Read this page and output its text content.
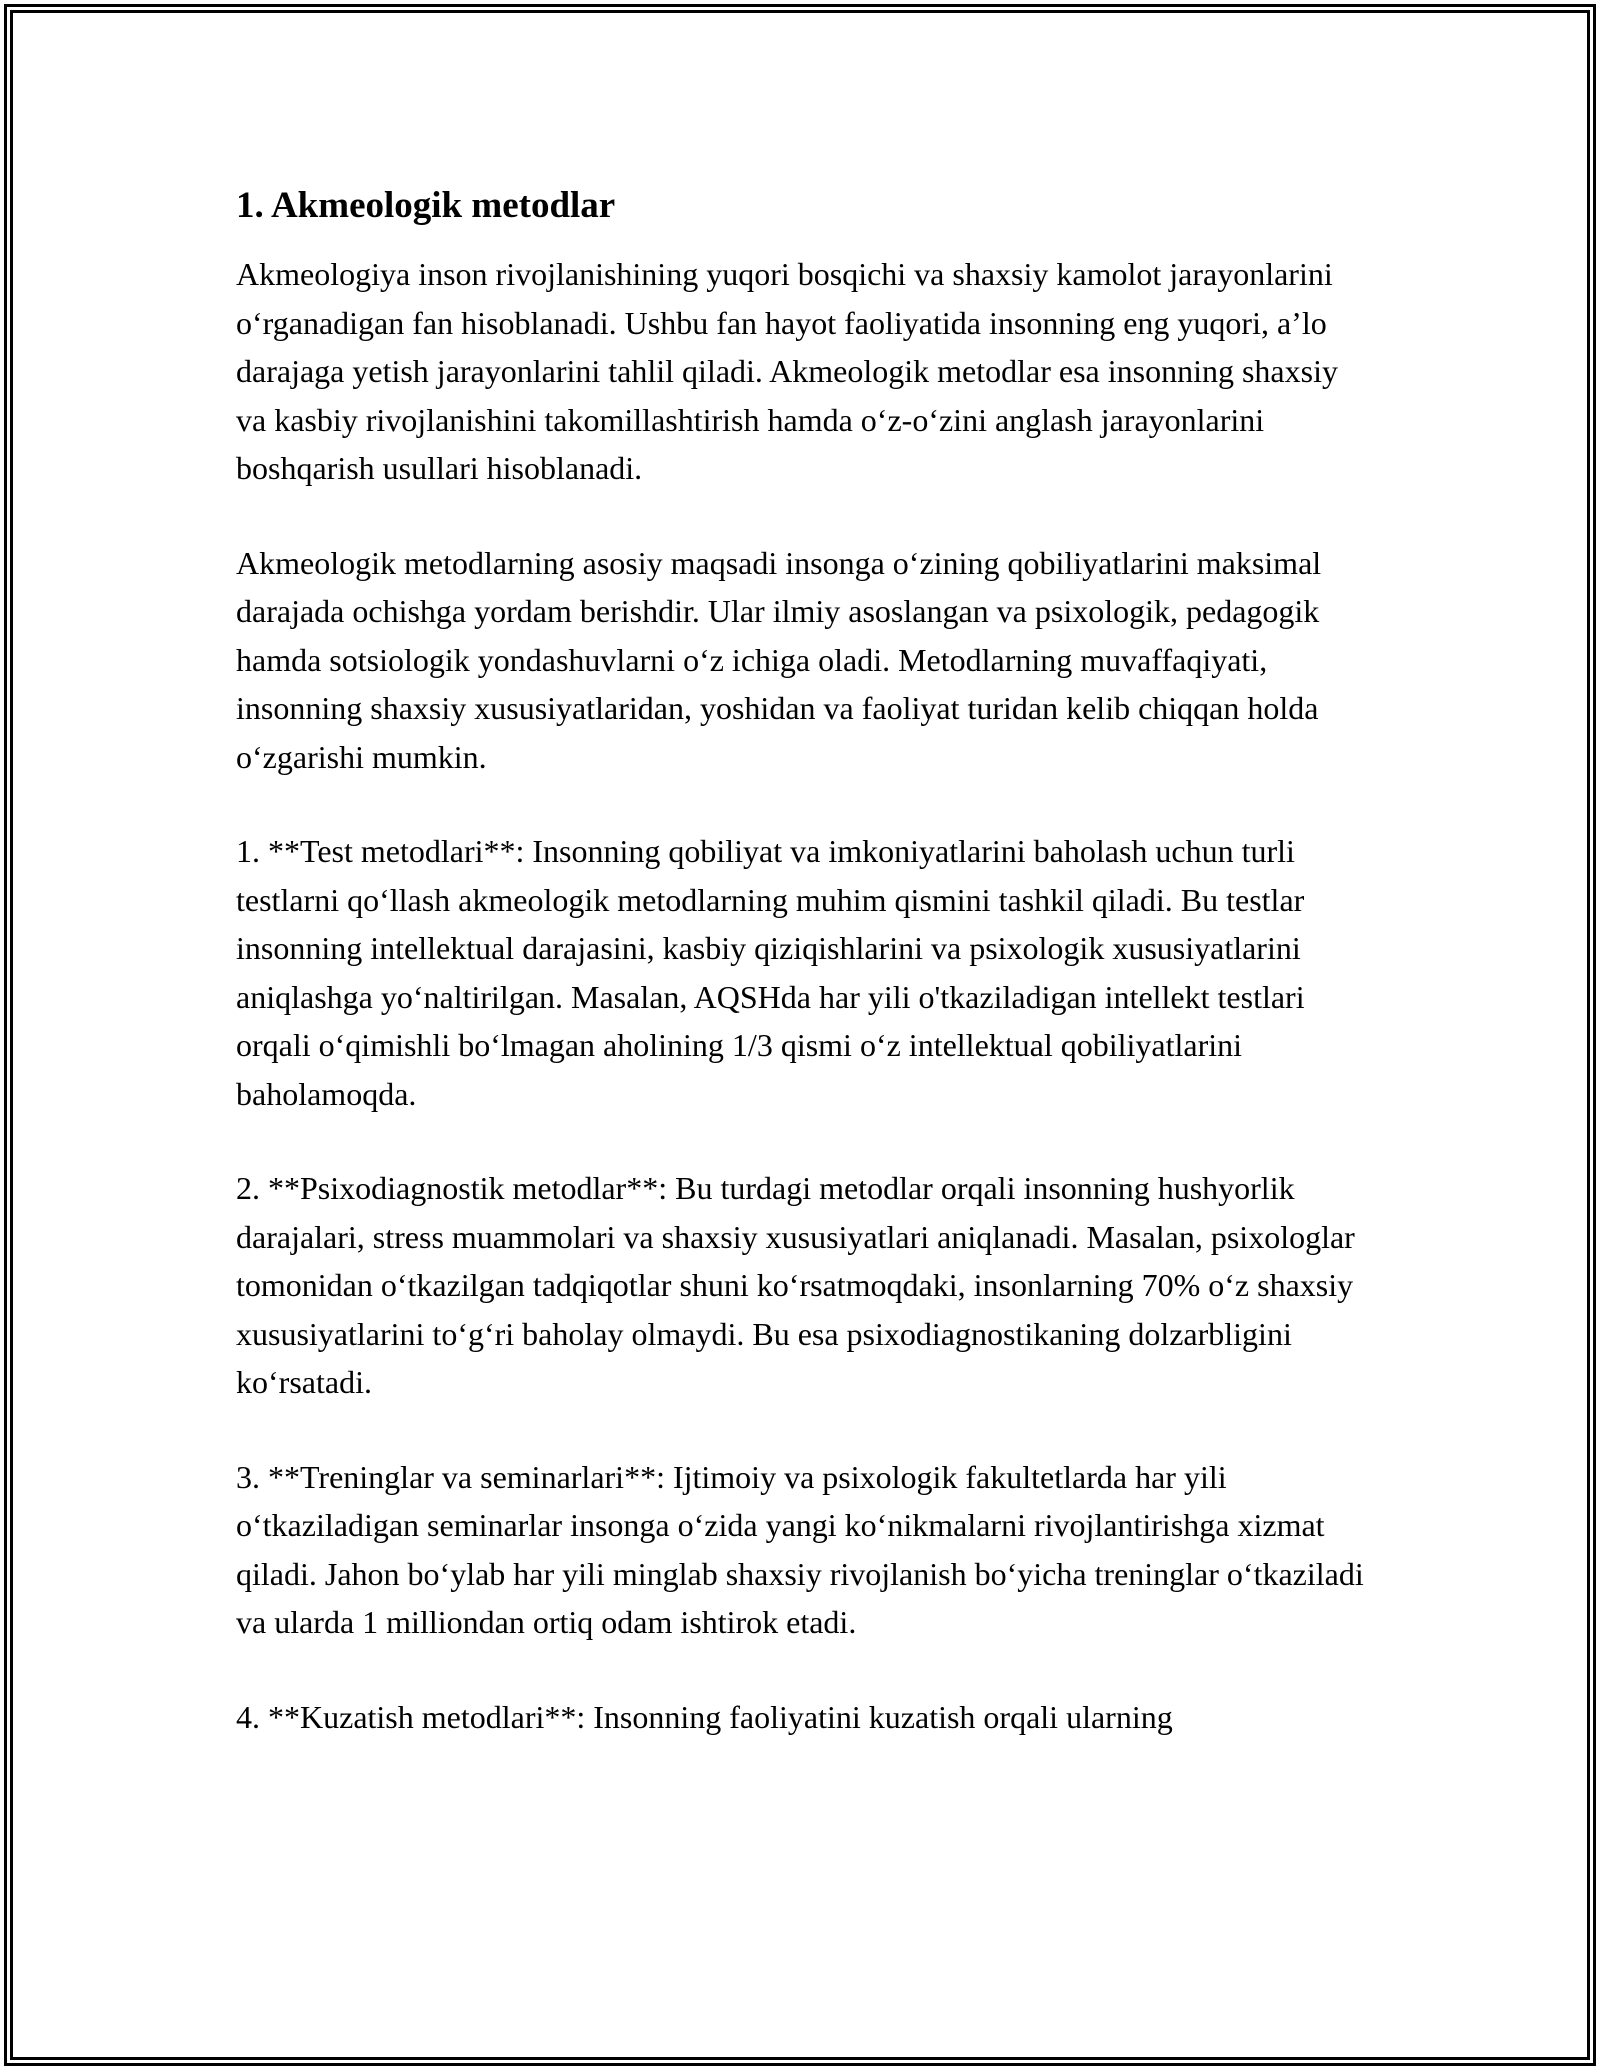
1. Akmeologik metodlar

Akmeologiya inson rivojlanishining yuqori bosqichi va shaxsiy kamolot jarayonlarini o‘rganadigan fan hisoblanadi. Ushbu fan hayot faoliyatida insonning eng yuqori, a’lo darajaga yetish jarayonlarini tahlil qiladi. Akmeologik metodlar esa insonning shaxsiy va kasbiy rivojlanishini takomillashtirish hamda o‘z-o‘zini anglash jarayonlarini boshqarish usullari hisoblanadi.

Akmeologik metodlarning asosiy maqsadi insonga o‘zining qobiliyatlarini maksimal darajada ochishga yordam berishdir. Ular ilmiy asoslangan va psixologik, pedagogik hamda sotsiologik yondashuvlarni o‘z ichiga oladi. Metodlarning muvaffaqiyati, insonning shaxsiy xususiyatlaridan, yoshidan va faoliyat turidan kelib chiqqan holda o‘zgarishi mumkin.

1. **Test metodlari**: Insonning qobiliyat va imkoniyatlarini baholash uchun turli testlarni qo‘llash akmeologik metodlarning muhim qismini tashkil qiladi. Bu testlar insonning intellektual darajasini, kasbiy qiziqishlarini va psixologik xususiyatlarini aniqlashga yo‘naltirilgan. Masalan, AQSHda har yili o'tkaziladigan intellekt testlari orqali o‘qimishli bo‘lmagan aholining 1/3 qismi o‘z intellektual qobiliyatlarini baholamoqda.

2. **Psixodiagnostik metodlar**: Bu turdagi metodlar orqali insonning hushyorlik darajalari, stress muammolari va shaxsiy xususiyatlari aniqlanadi. Masalan, psixologlar tomonidan o‘tkazilgan tadqiqotlar shuni ko‘rsatmoqdaki, insonlarning 70% o‘z shaxsiy xususiyatlarini to‘g‘ri baholay olmaydi. Bu esa psixodiagnostikaning dolzarbligini ko‘rsatadi.

3. **Treninglar va seminarlari**: Ijtimoiy va psixologik fakultetlarda har yili o‘tkaziladigan seminarlar insonga o‘zida yangi ko‘nikmalarni rivojlantirishga xizmat qiladi. Jahon bo‘ylab har yili minglab shaxsiy rivojlanish bo‘yicha treninglar o‘tkaziladi va ularda 1 milliondan ortiq odam ishtirok etadi.

4. **Kuzatish metodlari**: Insonning faoliyatini kuzatish orqali ularning
